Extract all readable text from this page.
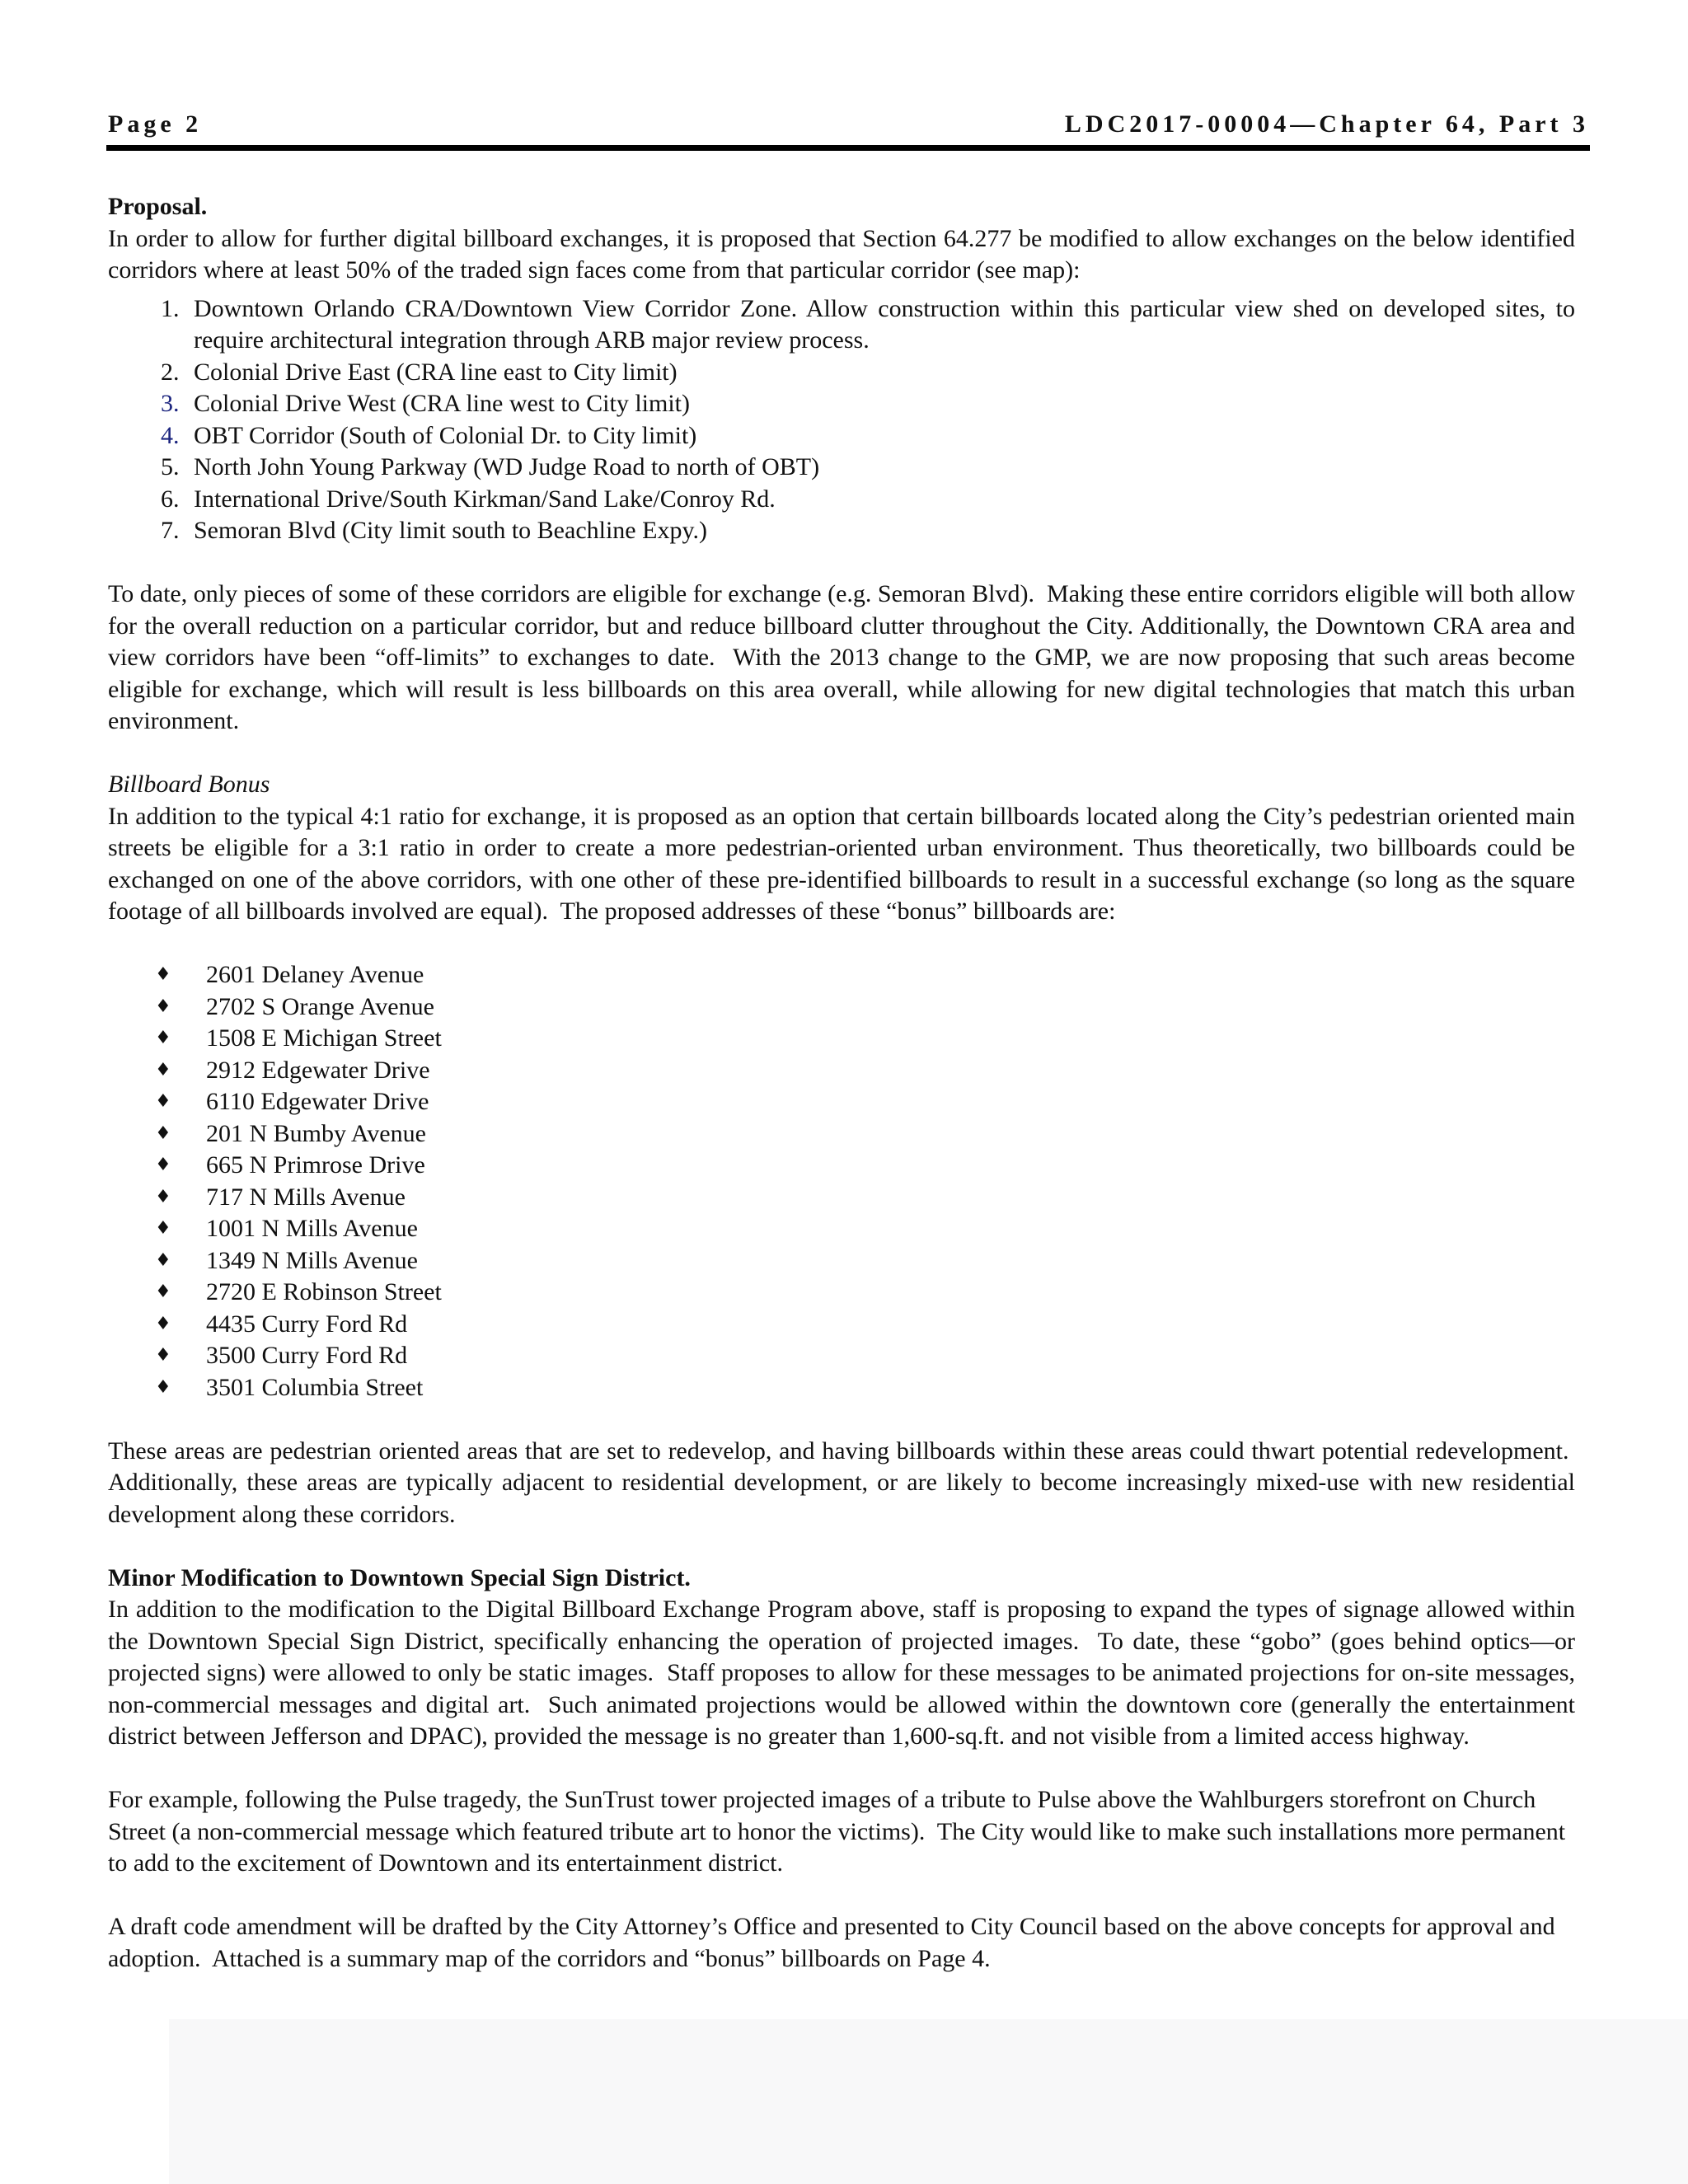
Page 2	LDC2017-00004—Chapter 64, Part 3

Proposal.

In order to allow for further digital billboard exchanges, it is proposed that Section 64.277 be modified to allow exchanges on the below identified corridors where at least 50% of the traded sign faces come from that particular corridor (see map):

1. Downtown Orlando CRA/Downtown View Corridor Zone. Allow construction within this particular view shed on developed sites, to require architectural integration through ARB major review process.
2. Colonial Drive East (CRA line east to City limit)
3. Colonial Drive West (CRA line west to City limit)
4. OBT Corridor (South of Colonial Dr. to City limit)
5. North John Young Parkway (WD Judge Road to north of OBT)
6. International Drive/South Kirkman/Sand Lake/Conroy Rd.
7. Semoran Blvd (City limit south to Beachline Expy.)

To date, only pieces of some of these corridors are eligible for exchange (e.g. Semoran Blvd).  Making these entire corridors eligible will both allow for the overall reduction on a particular corridor, but and reduce billboard clutter throughout the City. Additionally, the Downtown CRA area and view corridors have been “off-limits” to exchanges to date.  With the 2013 change to the GMP, we are now proposing that such areas become eligible for exchange, which will result is less billboards on this area overall, while allowing for new digital technologies that match this urban environment.

Billboard Bonus

In addition to the typical 4:1 ratio for exchange, it is proposed as an option that certain billboards located along the City’s pedestrian oriented main streets be eligible for a 3:1 ratio in order to create a more pedestrian-oriented urban environment. Thus theoretically, two billboards could be exchanged on one of the above corridors, with one other of these pre-identified billboards to result in a successful exchange (so long as the square footage of all billboards involved are equal).  The proposed addresses of these “bonus” billboards are:

♦ 2601 Delaney Avenue
♦ 2702 S Orange Avenue
♦ 1508 E Michigan Street
♦ 2912 Edgewater Drive
♦ 6110 Edgewater Drive
♦ 201 N Bumby Avenue
♦ 665 N Primrose Drive
♦ 717 N Mills Avenue
♦ 1001 N Mills Avenue
♦ 1349 N Mills Avenue
♦ 2720 E Robinson Street
♦ 4435 Curry Ford Rd
♦ 3500 Curry Ford Rd
♦ 3501 Columbia Street

These areas are pedestrian oriented areas that are set to redevelop, and having billboards within these areas could thwart potential redevelopment.  Additionally, these areas are typically adjacent to residential development, or are likely to become increasingly mixed-use with new residential development along these corridors.

Minor Modification to Downtown Special Sign District.

In addition to the modification to the Digital Billboard Exchange Program above, staff is proposing to expand the types of signage allowed within the Downtown Special Sign District, specifically enhancing the operation of projected images.  To date, these “gobo” (goes behind optics—or projected signs) were allowed to only be static images.  Staff proposes to allow for these messages to be animated projections for on-site messages, non-commercial messages and digital art.  Such animated projections would be allowed within the downtown core (generally the entertainment district between Jefferson and DPAC), provided the message is no greater than 1,600-sq.ft. and not visible from a limited access highway.

For example, following the Pulse tragedy, the SunTrust tower projected images of a tribute to Pulse above the Wahlburgers storefront on Church Street (a non-commercial message which featured tribute art to honor the victims).  The City would like to make such installations more permanent to add to the excitement of Downtown and its entertainment district.

A draft code amendment will be drafted by the City Attorney’s Office and presented to City Council based on the above concepts for approval and adoption.  Attached is a summary map of the corridors and “bonus” billboards on Page 4.
